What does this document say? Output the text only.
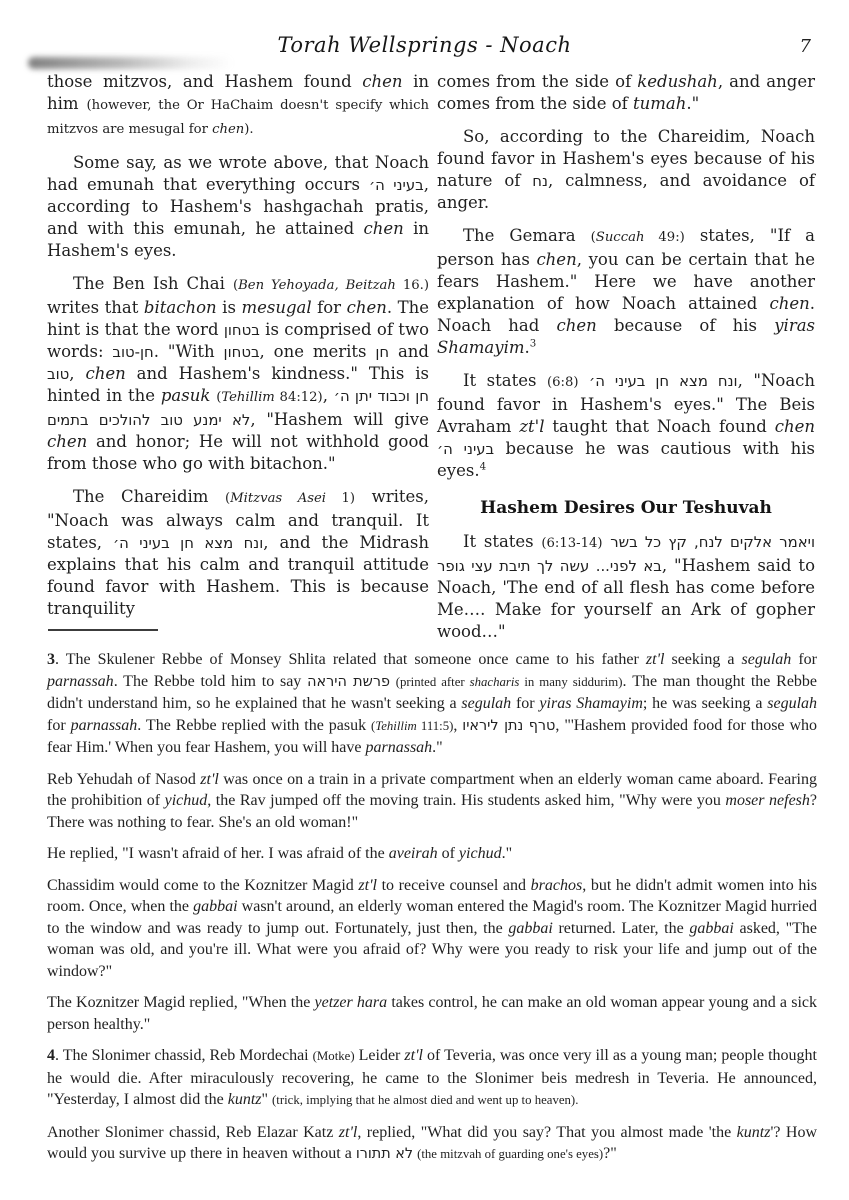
Torah Wellsprings - Noach	7

those mitzvos, and Hashem found chen in him (however, the Or HaChaim doesn't specify which mitzvos are mesugal for chen).

Some say, as we wrote above, that Noach had emunah that everything occurs בעיני ה׳, according to Hashem's hashgachah pratis, and with this emunah, he attained chen in Hashem's eyes.

The Ben Ish Chai (Ben Yehoyada, Beitzah 16.) writes that bitachon is mesugal for chen. The hint is that the word בטחון is comprised of two words: חן-טוב. "With בטחון, one merits חן and טוב, chen and Hashem's kindness." This is hinted in the pasuk (Tehillim 84:12), חן וכבוד יתן ה׳ לא ימנע טוב להולכים בתמים, "Hashem will give chen and honor; He will not withhold good from those who go with bitachon."

The Chareidim (Mitzvas Asei 1) writes, "Noach was always calm and tranquil. It states, ונח מצא חן בעיני ה׳, and the Midrash explains that his calm and tranquil attitude found favor with Hashem. This is because tranquility

comes from the side of kedushah, and anger comes from the side of tumah."

So, according to the Chareidim, Noach found favor in Hashem's eyes because of his nature of נח, calmness, and avoidance of anger.

The Gemara (Succah 49:) states, "If a person has chen, you can be certain that he fears Hashem." Here we have another explanation of how Noach attained chen. Noach had chen because of his yiras Shamayim.$^3$

It states (6:8) ונח מצא חן בעיני ה׳, "Noach found favor in Hashem's eyes." The Beis Avraham zt'l taught that Noach found chen בעיני ה׳ because he was cautious with his eyes.$^4$

Hashem Desires Our Teshuvah

It states (6:13-14) ויאמר אלקים לנח, קץ כל בשר בא לפני... עשה לך תיבת עצי גופר, "Hashem said to Noach, 'The end of all flesh has come before Me…. Make for yourself an Ark of gopher wood…"

3. The Skulener Rebbe of Monsey Shlita related that someone once came to his father zt'l seeking a segulah for parnassah. The Rebbe told him to say פרשת היראה (printed after shacharis in many siddurim). The man thought the Rebbe didn't understand him, so he explained that he wasn't seeking a segulah for yiras Shamayim; he was seeking a segulah for parnassah. The Rebbe replied with the pasuk (Tehillim 111:5), טרף נתן ליראיו, "'Hashem provided food for those who fear Him.' When you fear Hashem, you will have parnassah."

Reb Yehudah of Nasod zt'l was once on a train in a private compartment when an elderly woman came aboard. Fearing the prohibition of yichud, the Rav jumped off the moving train. His students asked him, "Why were you moser nefesh? There was nothing to fear. She's an old woman!"

He replied, "I wasn't afraid of her. I was afraid of the aveirah of yichud."

Chassidim would come to the Koznitzer Magid zt'l to receive counsel and brachos, but he didn't admit women into his room. Once, when the gabbai wasn't around, an elderly woman entered the Magid's room. The Koznitzer Magid hurried to the window and was ready to jump out. Fortunately, just then, the gabbai returned. Later, the gabbai asked, "The woman was old, and you're ill. What were you afraid of? Why were you ready to risk your life and jump out of the window?"

The Koznitzer Magid replied, "When the yetzer hara takes control, he can make an old woman appear young and a sick person healthy."

4. The Slonimer chassid, Reb Mordechai (Motke) Leider zt'l of Teveria, was once very ill as a young man; people thought he would die. After miraculously recovering, he came to the Slonimer beis medresh in Teveria. He announced, "Yesterday, I almost did the kuntz" (trick, implying that he almost died and went up to heaven).

Another Slonimer chassid, Reb Elazar Katz zt'l, replied, "What did you say? That you almost made 'the kuntz'? How would you survive up there in heaven without a לא תתורו (the mitzvah of guarding one's eyes)?"
